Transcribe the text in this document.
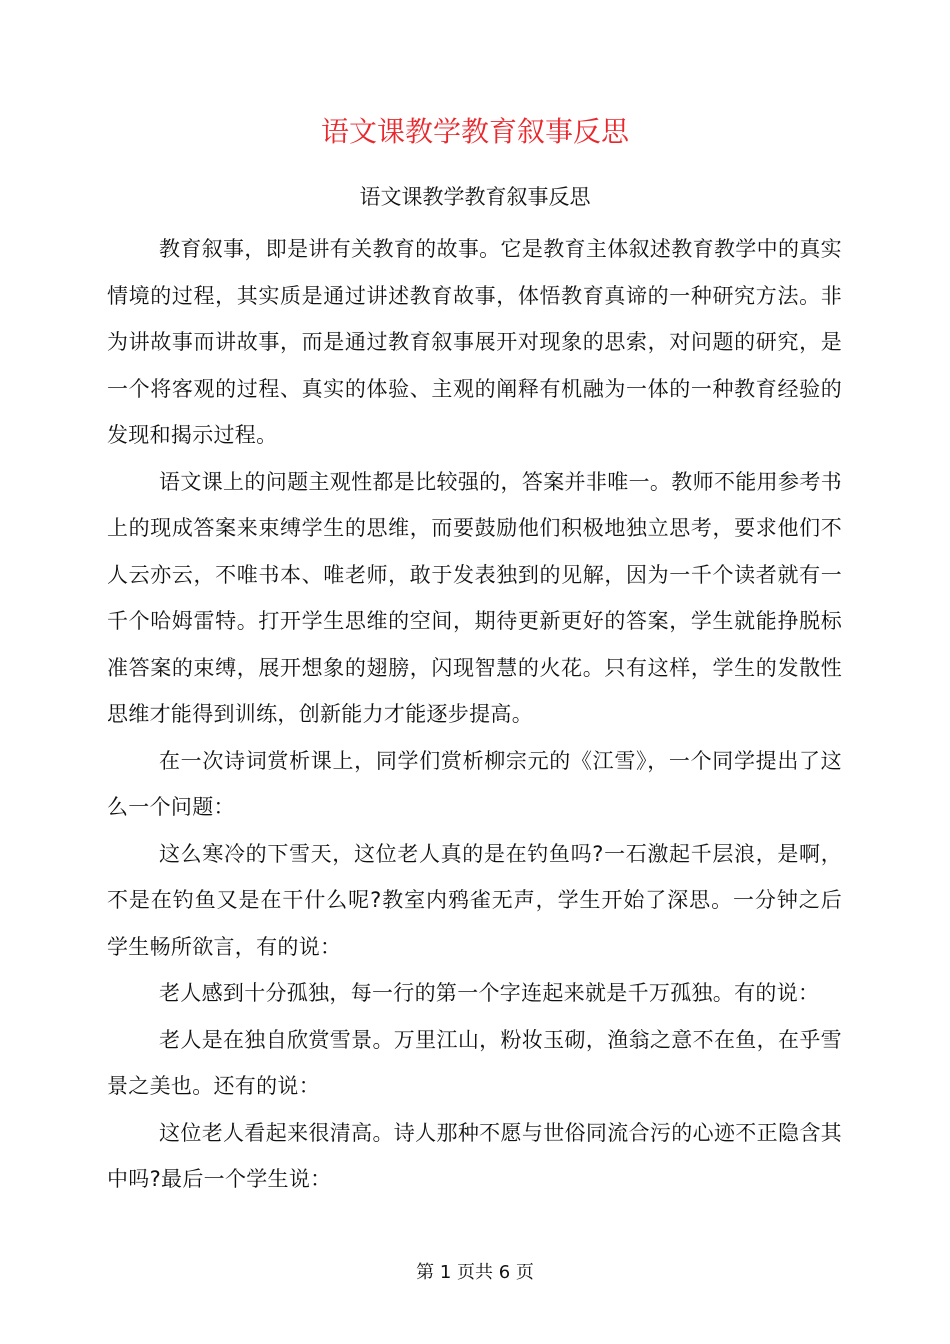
语文课教学教育叙事反思
语文课教学教育叙事反思

教育叙事，即是讲有关教育的故事。它是教育主体叙述教育教学中的真实情境的过程，其实质是通过讲述教育故事，体悟教育真谛的一种研究方法。非为讲故事而讲故事，而是通过教育叙事展开对现象的思索，对问题的研究，是一个将客观的过程、真实的体验、主观的阐释有机融为一体的一种教育经验的发现和揭示过程。

语文课上的问题主观性都是比较强的，答案并非唯一。教师不能用参考书上的现成答案来束缚学生的思维，而要鼓励他们积极地独立思考，要求他们不人云亦云，不唯书本、唯老师，敢于发表独到的见解，因为一千个读者就有一千个哈姆雷特。打开学生思维的空间，期待更新更好的答案，学生就能挣脱标准答案的束缚，展开想象的翅膀，闪现智慧的火花。只有这样，学生的发散性思维才能得到训练，创新能力才能逐步提高。

在一次诗词赏析课上，同学们赏析柳宗元的《江雪》，一个同学提出了这么一个问题：

这么寒冷的下雪天，这位老人真的是在钓鱼吗?一石激起千层浪，是啊，不是在钓鱼又是在干什么呢?教室内鸦雀无声，学生开始了深思。一分钟之后学生畅所欲言，有的说：

老人感到十分孤独，每一行的第一个字连起来就是千万孤独。有的说：

老人是在独自欣赏雪景。万里江山，粉妆玉砌，渔翁之意不在鱼，在乎雪景之美也。还有的说：

这位老人看起来很清高。诗人那种不愿与世俗同流合污的心迹不正隐含其中吗?最后一个学生说：

第 1 页共 6 页
